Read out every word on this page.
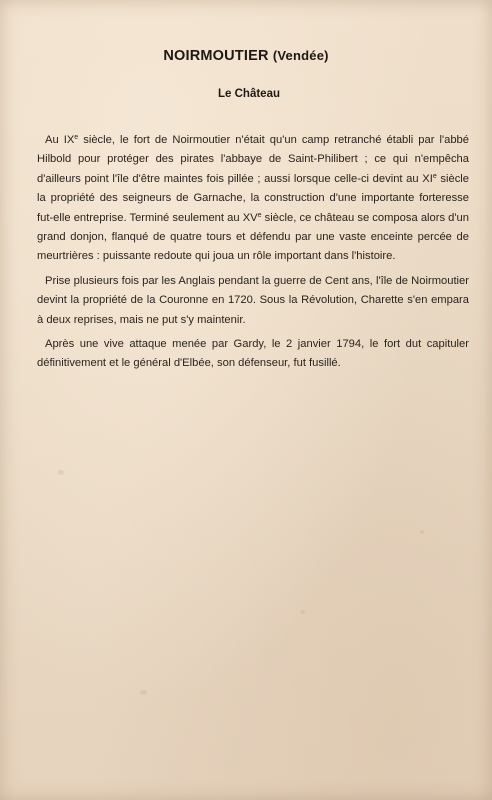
NOIRMOUTIER (Vendée)
Le Château

Au IXe siècle, le fort de Noirmoutier n'était qu'un camp retranché établi par l'abbé Hilbold pour protéger des pirates l'abbaye de Saint-Philibert ; ce qui n'empêcha d'ailleurs point l'île d'être maintes fois pillée ; aussi lorsque celle-ci devint au XIe siècle la propriété des seigneurs de Garnache, la construction d'une importante forteresse fut-elle entreprise. Terminé seulement au XVe siècle, ce château se composa alors d'un grand donjon, flanqué de quatre tours et défendu par une vaste enceinte percée de meurtrières : puissante redoute qui joua un rôle important dans l'histoire.

Prise plusieurs fois par les Anglais pendant la guerre de Cent ans, l'île de Noirmoutier devint la propriété de la Couronne en 1720. Sous la Révolution, Charette s'en empara à deux reprises, mais ne put s'y maintenir.

Après une vive attaque menée par Gardy, le 2 janvier 1794, le fort dut capituler définitivement et le général d'Elbée, son défenseur, fut fusillé.
